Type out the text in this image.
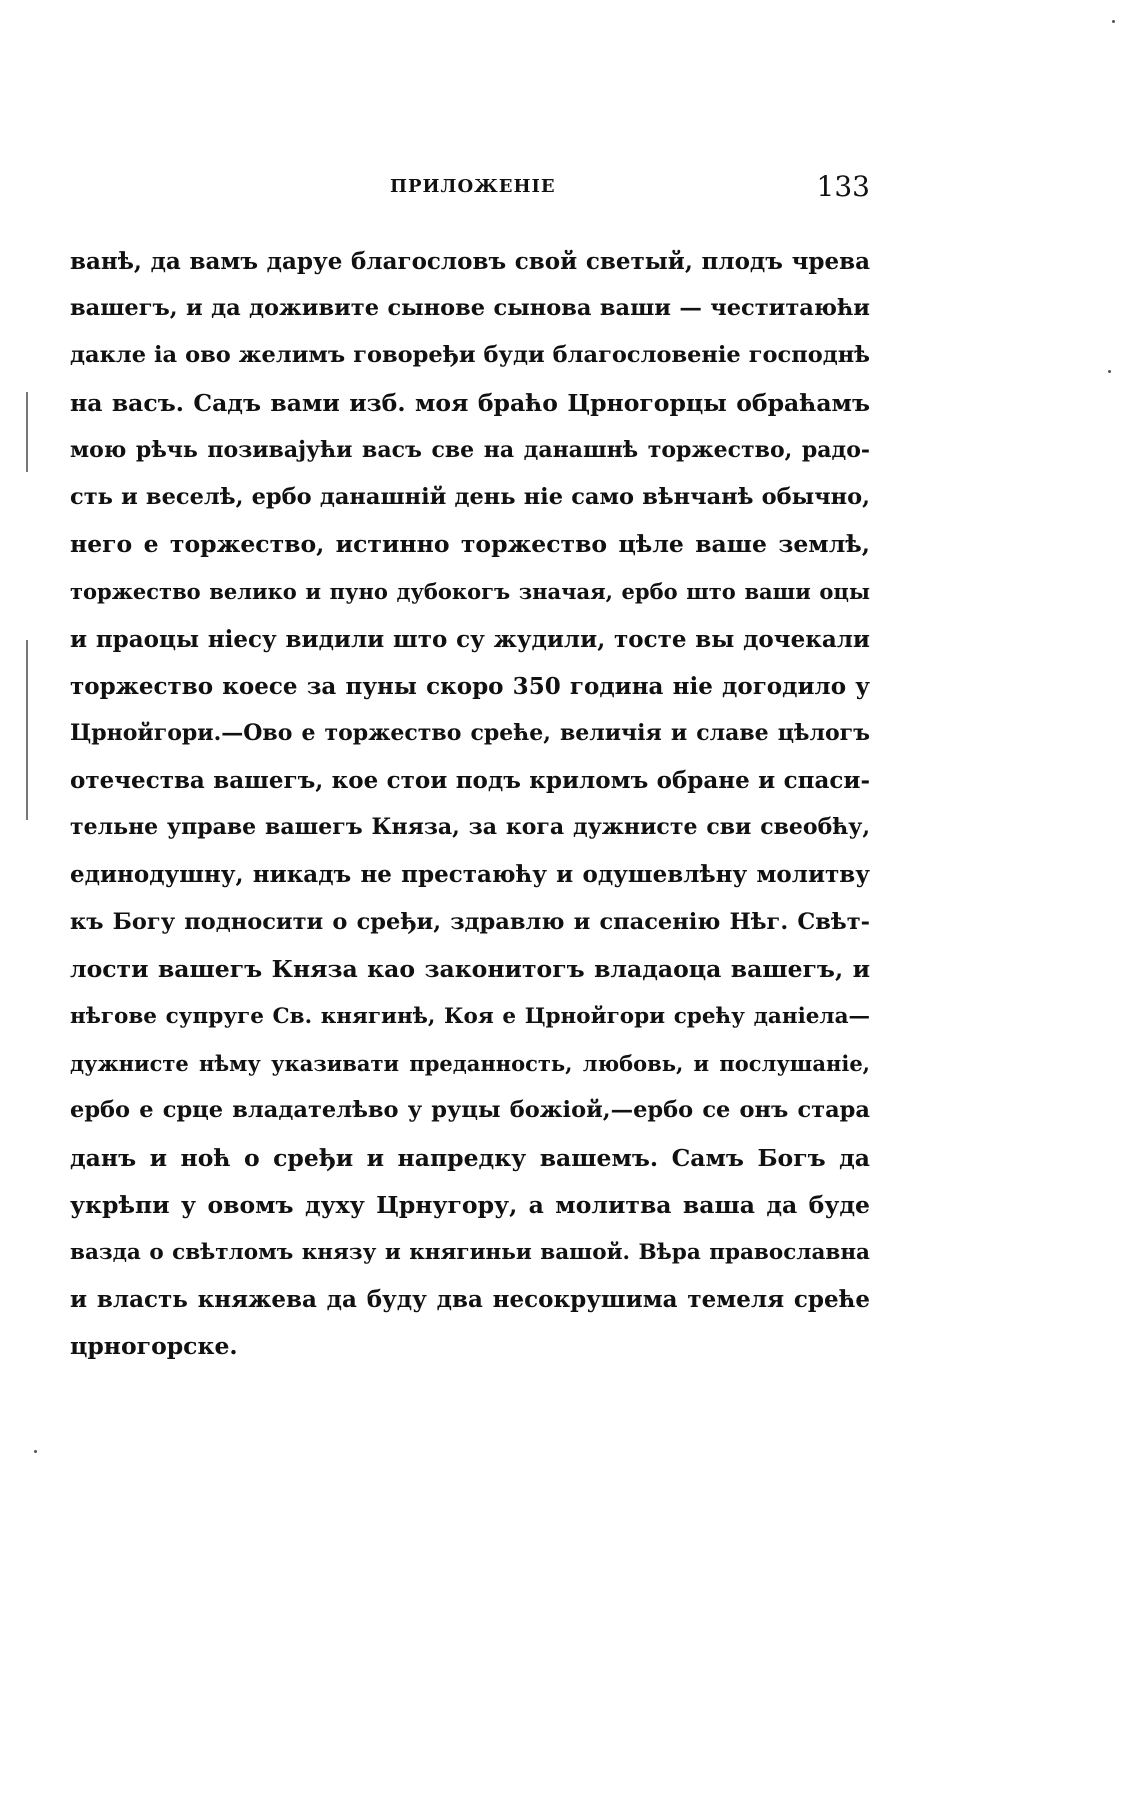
ПРИЛОЖЕНІЕ	133
ванѣ, да вамъ даруе благословъ свой светый, плодъ чрева
вашегъ, и да доживите сынове сынова ваши — честитаюћи
дакле іа ово желимъ говоређи буди благословеніе господнѣ
на васъ. Садъ вами изб. моя браћо Црногорцы обраћамъ
мою рѣчь позивајући васъ све на данашнѣ торжество, радо-
сть и веселѣ, ербо данашній день ніе само вѣнчанѣ обычно,
него е торжество, истинно торжество цѣле ваше землѣ,
торжество велико и пуно дубокогъ значая, ербо што ваши оцы
и праоцы ніесу видили што су жудили, тосте вы дочекали
торжество коесе за пуны скоро 350 година ніе догодило у
Црнойгори.—Ово е торжество среће, величія и славе цѣлогъ
отечества вашегъ, кое стои подъ криломъ обране и спаси-
тельне управе вашегъ Княза, за кога дужнисте сви свеобћу,
единодушну, никадъ не престаюћу и одушевлѣну молитву
къ Богу подносити о сређи, здравлю и спасенію Нѣг. Свѣт-
лости вашегъ Княза као законитогъ владаоца вашегъ, и
нѣгове супруге Св. княгинѣ, Коя е Црнойгори срећу даніела—
дужнисте нѣму указивати преданность, любовь, и послушаніе,
ербо е срце владателѣво у руцы божіой,—ербо се онъ стара
данъ и ноћ о сређи и напредку вашемъ. Самъ Богъ да
укрѣпи у овомъ духу Црнугору, а молитва ваша да буде
вазда о свѣтломъ князу и княгиньи вашой. Вѣра православна
и власть княжева да буду два несокрушима темеля среће
црногорске.
